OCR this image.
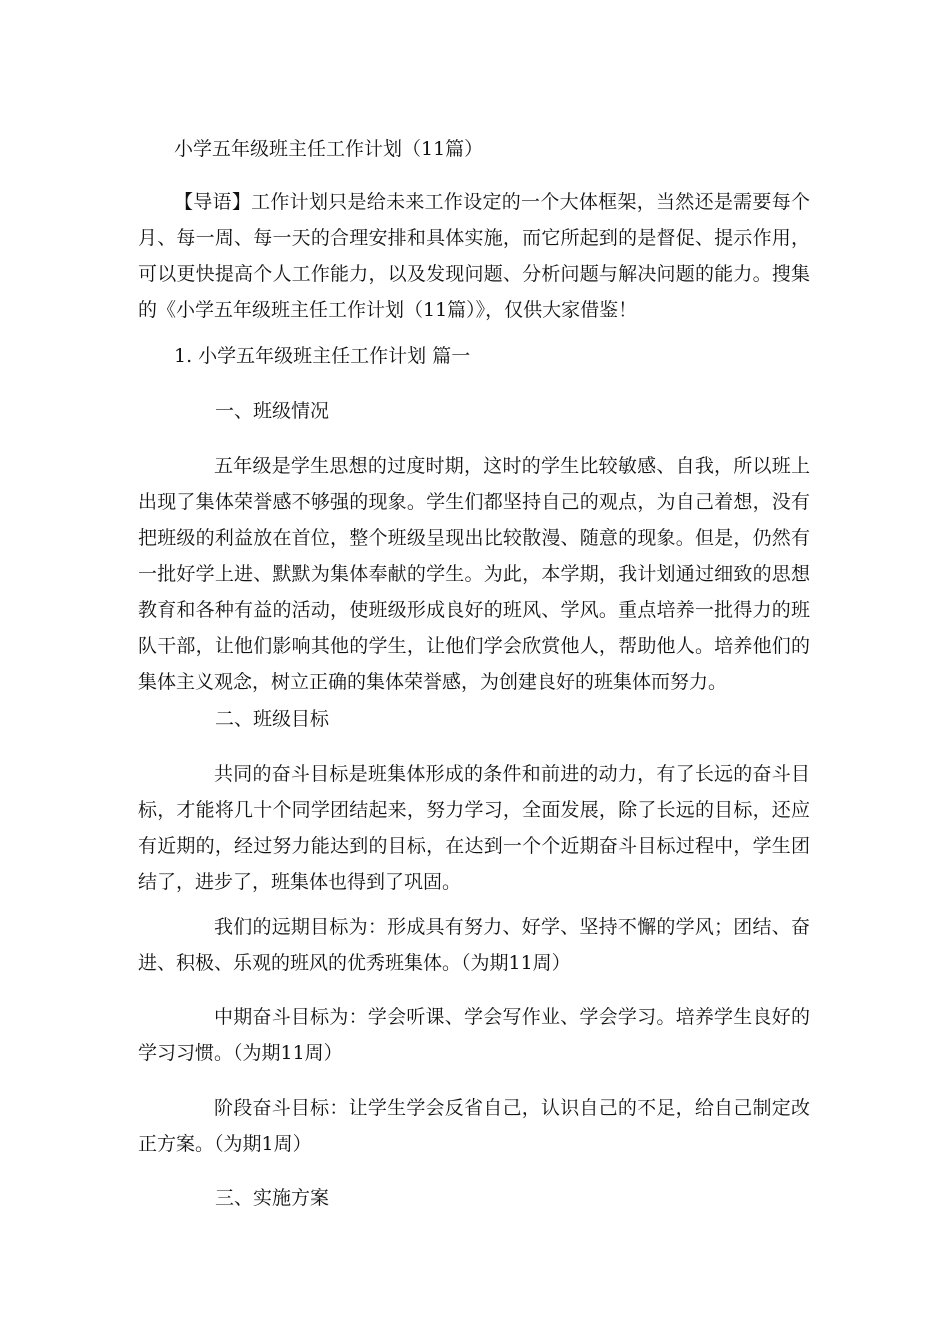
小学五年级班主任工作计划（11篇）

【导语】工作计划只是给未来工作设定的一个大体框架，当然还是需要每个月、每一周、每一天的合理安排和具体实施，而它所起到的是督促、提示作用，可以更快提高个人工作能力，以及发现问题、分析问题与解决问题的能力。搜集的《小学五年级班主任工作计划（11篇）》，仅供大家借鉴！

1. 小学五年级班主任工作计划 篇一

一、班级情况

五年级是学生思想的过度时期，这时的学生比较敏感、自我，所以班上出现了集体荣誉感不够强的现象。学生们都坚持自己的观点，为自己着想，没有把班级的利益放在首位，整个班级呈现出比较散漫、随意的现象。但是，仍然有一批好学上进、默默为集体奉献的学生。为此，本学期，我计划通过细致的思想教育和各种有益的活动，使班级形成良好的班风、学风。重点培养一批得力的班队干部，让他们影响其他的学生，让他们学会欣赏他人，帮助他人。培养他们的集体主义观念，树立正确的集体荣誉感，为创建良好的班集体而努力。

二、班级目标

共同的奋斗目标是班集体形成的条件和前进的动力，有了长远的奋斗目标，才能将几十个同学团结起来，努力学习，全面发展，除了长远的目标，还应有近期的，经过努力能达到的目标，在达到一个个近期奋斗目标过程中，学生团结了，进步了，班集体也得到了巩固。

我们的远期目标为：形成具有努力、好学、坚持不懈的学风；团结、奋进、积极、乐观的班风的优秀班集体。（为期11周）

中期奋斗目标为：学会听课、学会写作业、学会学习。培养学生良好的学习习惯。（为期11周）

阶段奋斗目标：让学生学会反省自己，认识自己的不足，给自己制定改正方案。（为期1周）

三、实施方案
